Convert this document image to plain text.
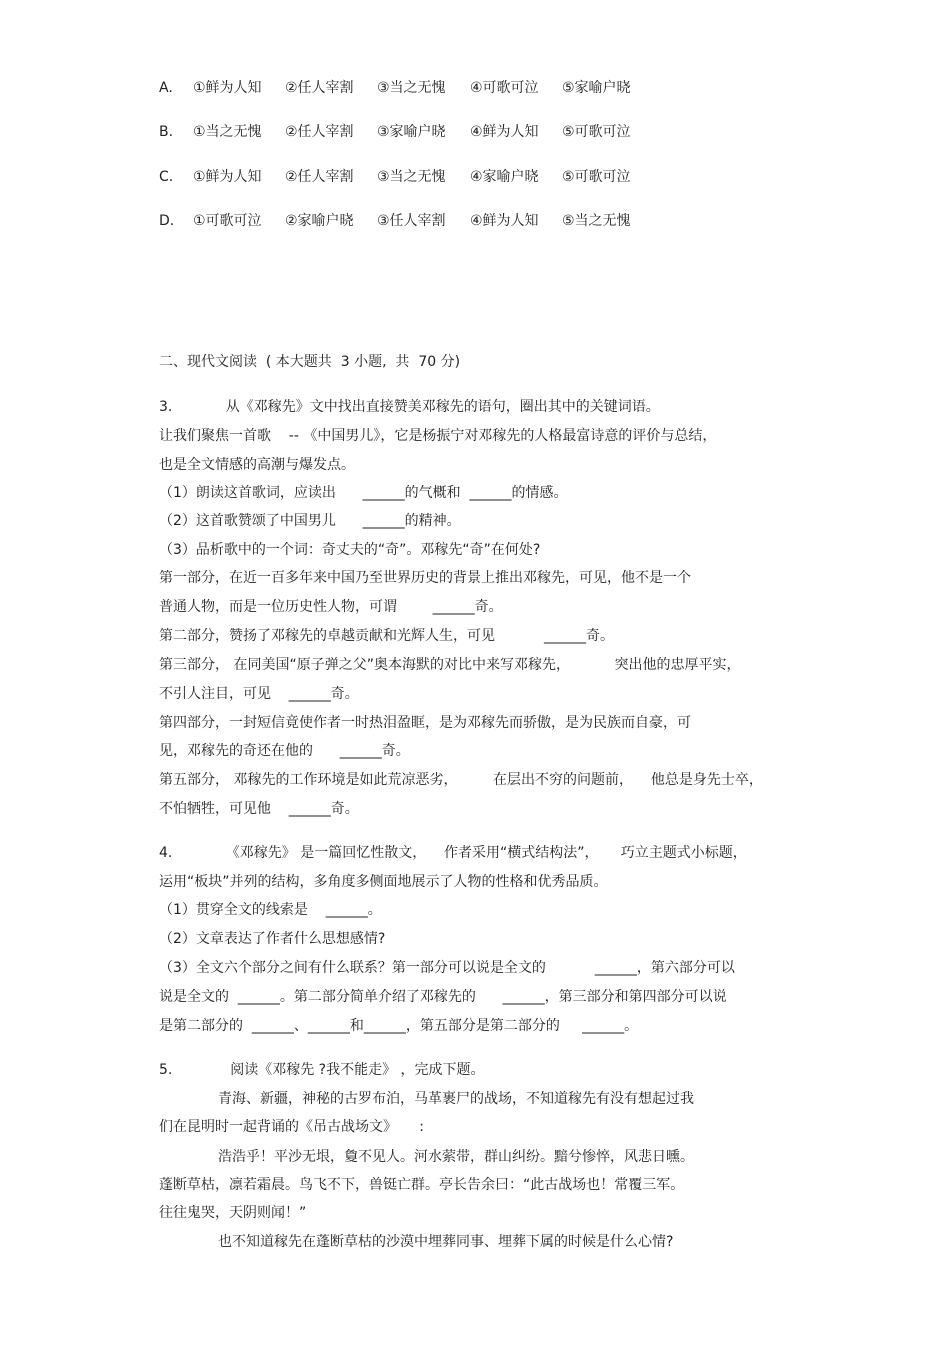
A. ①鲜为人知 ②任人宰割 ③当之无愧 ④可歌可泣 ⑤家喻户晓
B. ①当之无愧 ②任人宰割 ③家喻户晓 ④鲜为人知 ⑤可歌可泣
C. ①鲜为人知 ②任人宰割 ③当之无愧 ④家喻户晓 ⑤可歌可泣
D. ①可歌可泣 ②家喻户晓 ③任人宰割 ④鲜为人知 ⑤当之无愧
二、现代文阅读  ( 本大题共  3 小题,  共  70 分)
3.            从《邓稼先》文中找出直接赞美邓稼先的语句，圈出其中的关键词语。
让我们聚焦一首歌    -- 《中国男儿》，它是杨振宁对邓稼先的人格最富诗意的评价与总结，
也是全文情感的高潮与爆发点。
（1）朗读这首歌词，应读出      ______的气概和  ______的情感。
（2）这首歌赞颂了中国男儿      ______的精神。
（3）品析歌中的一个词：奇丈夫的“奇”。邓稼先“奇”在何处?
第一部分，在近一百多年来中国乃至世界历史的背景上推出邓稼先，可见，他不是一个
普通人物，而是一位历史性人物，可谓        ______奇。
第二部分，赞扬了邓稼先的卓越贡献和光辉人生，可见           ______奇。
第三部分， 在同美国“原子弹之父”奥本海默的对比中来写邓稼先，          突出他的忠厚平实，
不引人注目，可见    ______奇。
第四部分，一封短信竟使作者一时热泪盈眶，是为邓稼先而骄傲，是为民族而自豪，可
见，邓稼先的奇还在他的      ______奇。
第五部分， 邓稼先的工作环境是如此荒凉恶劣，        在层出不穷的问题前，    他总是身先士卒，
不怕牺牲，可见他    ______奇。
4.            《邓稼先》 是一篇回忆性散文，    作者采用“横式结构法”，     巧立主题式小标题，
运用“板块”并列的结构，多角度多侧面地展示了人物的性格和优秀品质。
（1）贯穿全文的线索是    ______。
（2）文章表达了作者什么思想感情?
（3）全文六个部分之间有什么联系？第一部分可以说是全文的           ______，第六部分可以
说是全文的  ______。第二部分简单介绍了邓稼先的      ______，第三部分和第四部分可以说
是第二部分的  ______、______和______，第五部分是第二部分的     ______。
5.             阅读《邓稼先 ?我不能走》 ，完成下题。
青海、新疆，神秘的古罗布泊，马革裹尸的战场，不知道稼先有没有想起过我
们在昆明时一起背诵的《吊古战场文》     :
浩浩乎！平沙无垠，敻不见人。河水萦带，群山纠纷。黯兮惨悴，风悲日曛。
蓬断草枯，凛若霜晨。鸟飞不下，兽铤亡群。亭长告余曰：“此古战场也！常覆三军。
往往鬼哭，天阴则闻！”
也不知道稼先在蓬断草枯的沙漠中埋葬同事、埋葬下属的时候是什么心情?
